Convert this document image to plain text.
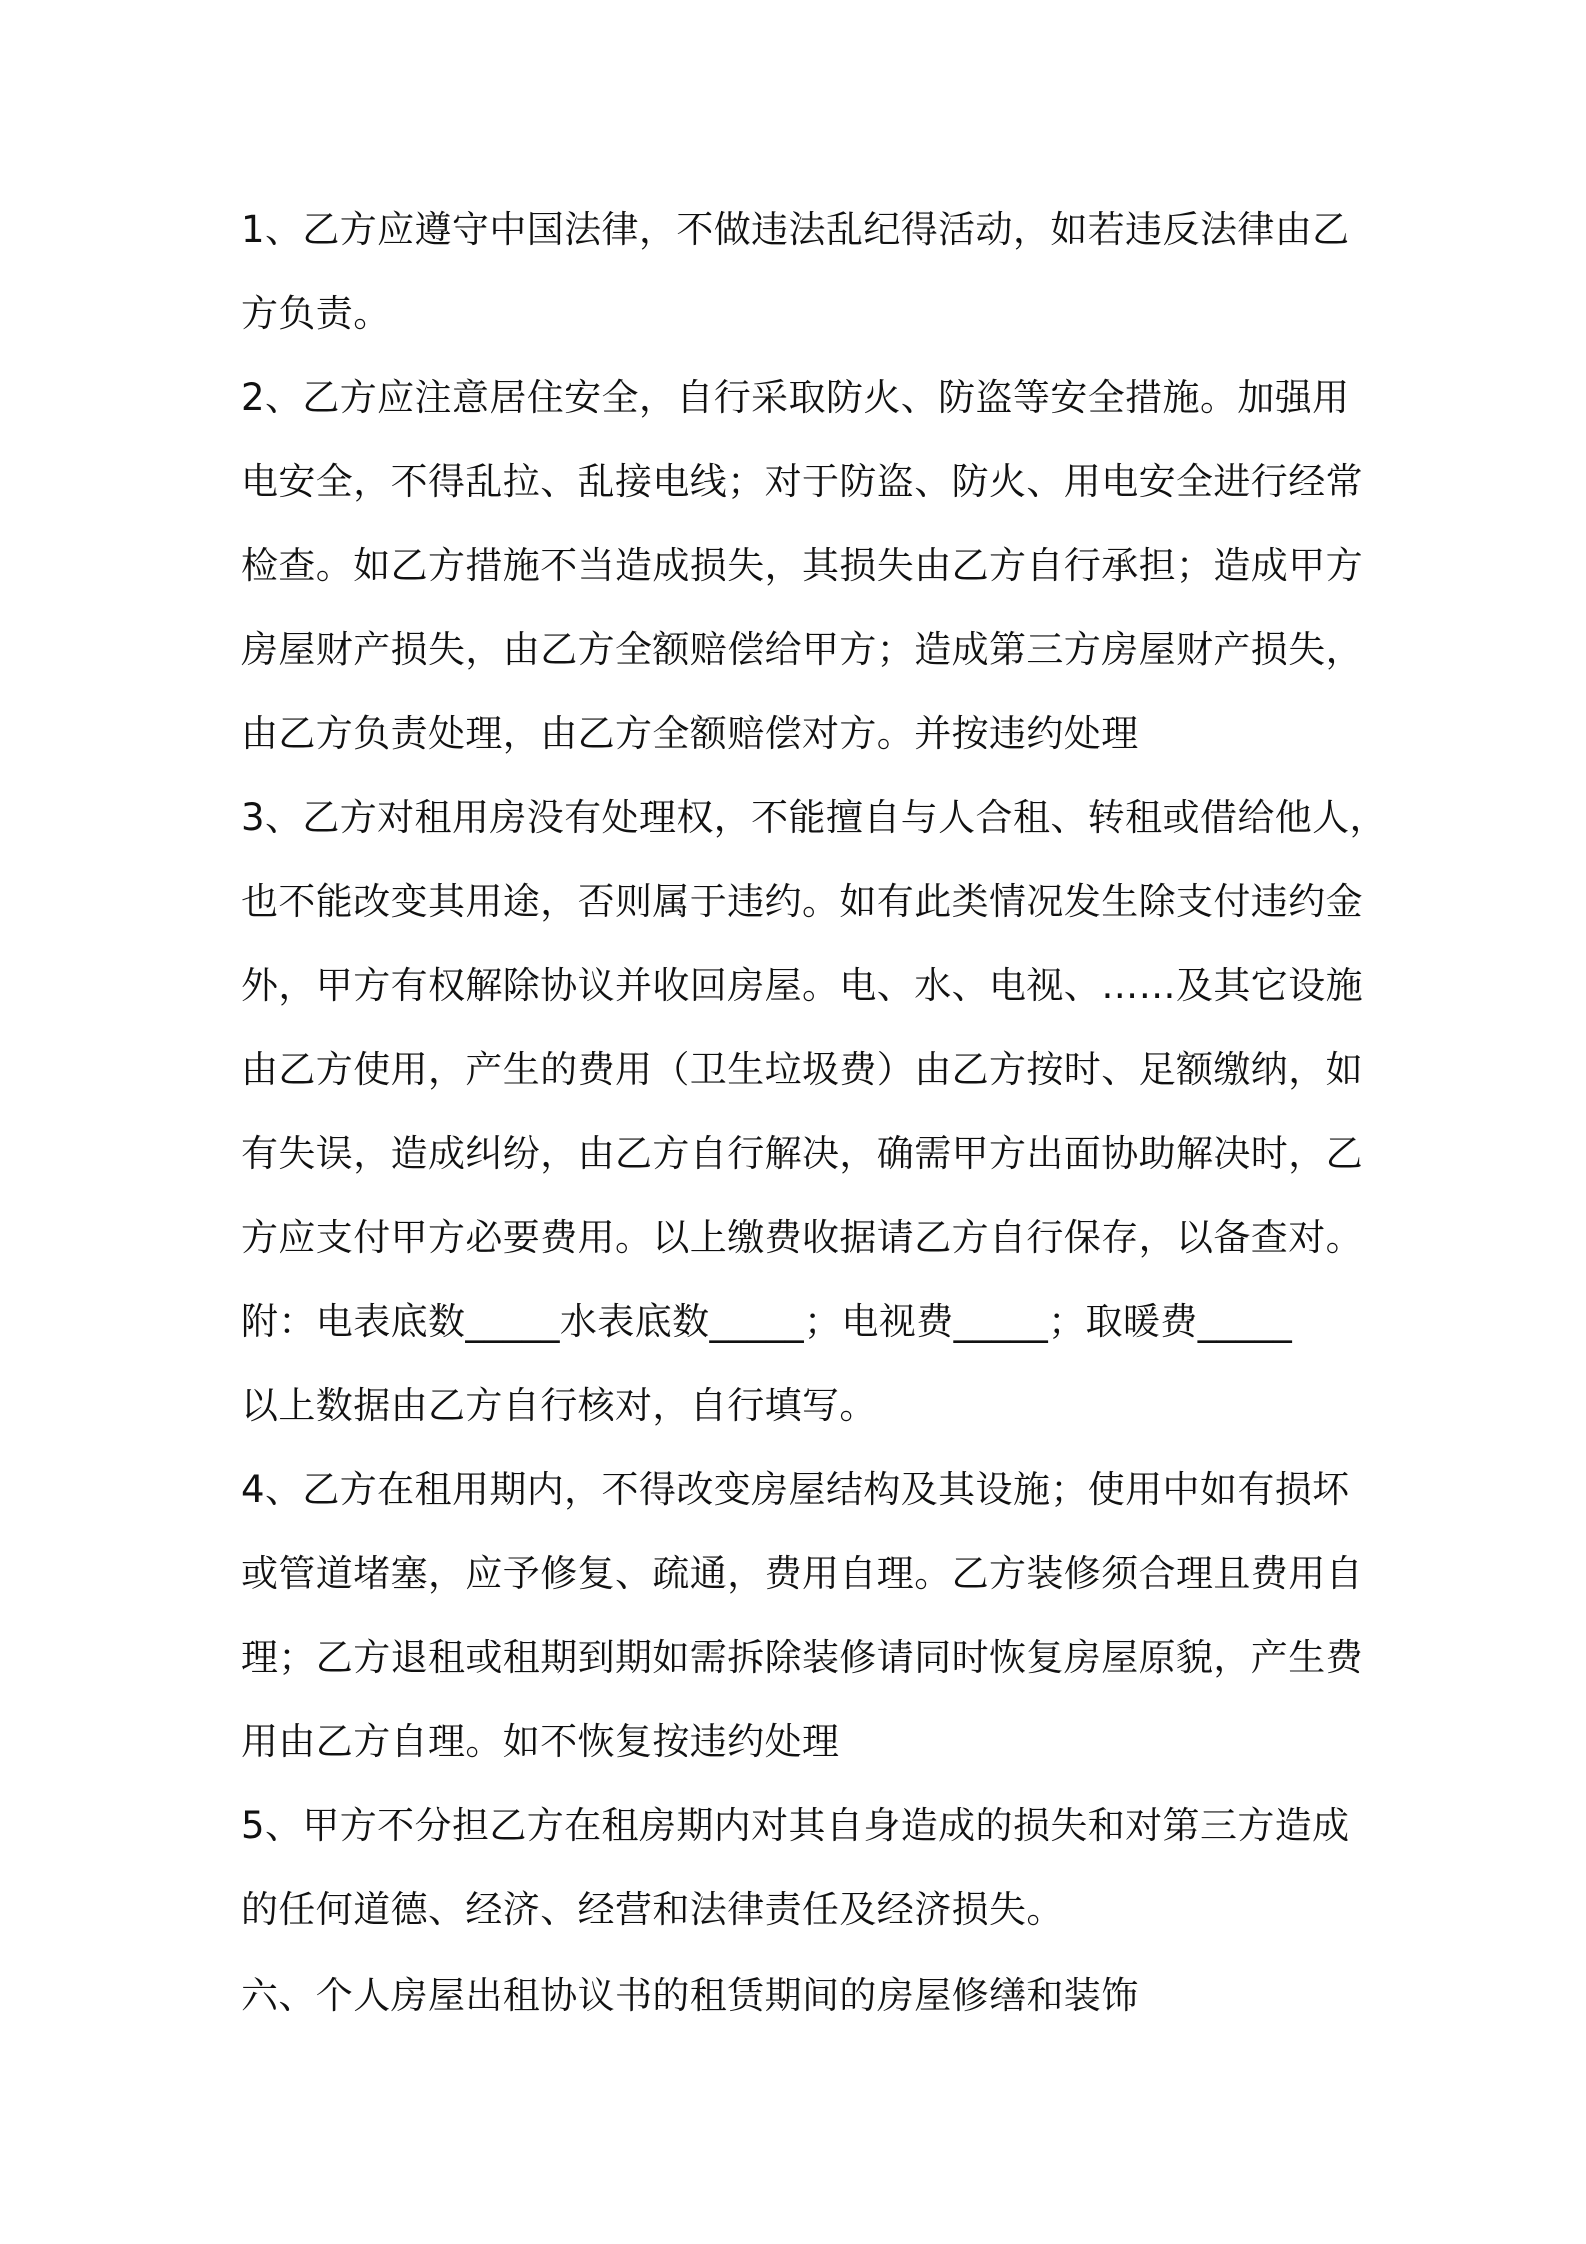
1、乙方应遵守中国法律，不做违法乱纪得活动，如若违反法律由乙
方负责。
2、乙方应注意居住安全，自行采取防火、防盗等安全措施。加强用
电安全，不得乱拉、乱接电线；对于防盗、防火、用电安全进行经常
检查。如乙方措施不当造成损失，其损失由乙方自行承担；造成甲方
房屋财产损失，由乙方全额赔偿给甲方；造成第三方房屋财产损失，
由乙方负责处理，由乙方全额赔偿对方。并按违约处理
3、乙方对租用房没有处理权，不能擅自与人合租、转租或借给他人，
也不能改变其用途，否则属于违约。如有此类情况发生除支付违约金
外，甲方有权解除协议并收回房屋。电、水、电视、……及其它设施
由乙方使用，产生的费用（卫生垃圾费）由乙方按时、足额缴纳，如
有失误，造成纠纷，由乙方自行解决，确需甲方出面协助解决时，乙
方应支付甲方必要费用。以上缴费收据请乙方自行保存，以备查对。
附：电表底数_____水表底数_____；电视费_____；取暖费_____
以上数据由乙方自行核对，自行填写。
4、乙方在租用期内，不得改变房屋结构及其设施；使用中如有损坏
或管道堵塞，应予修复、疏通，费用自理。乙方装修须合理且费用自
理；乙方退租或租期到期如需拆除装修请同时恢复房屋原貌，产生费
用由乙方自理。如不恢复按违约处理
5、甲方不分担乙方在租房期内对其自身造成的损失和对第三方造成
的任何道德、经济、经营和法律责任及经济损失。
六、个人房屋出租协议书的租赁期间的房屋修缮和装饰
